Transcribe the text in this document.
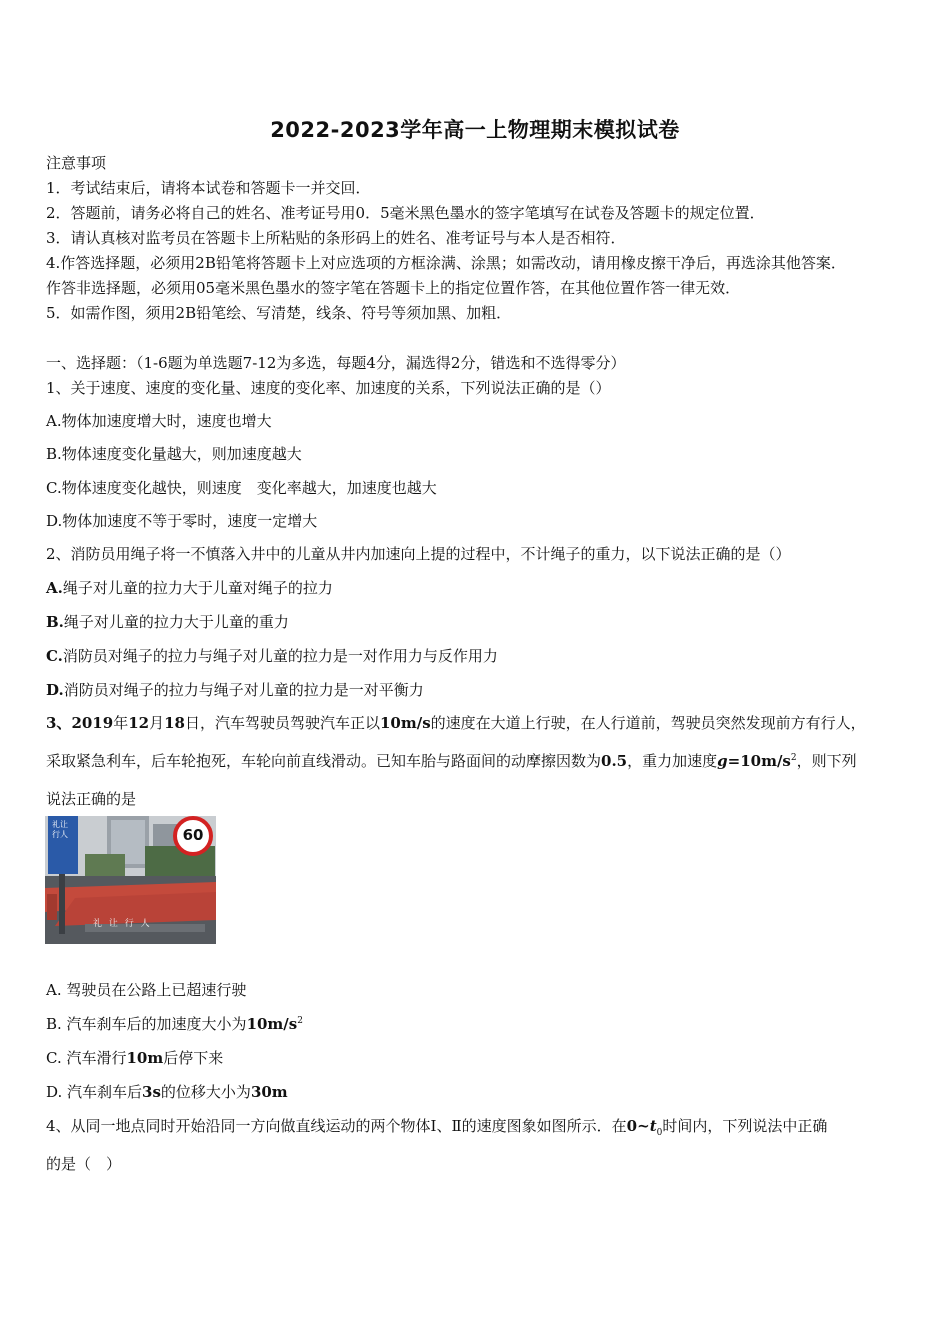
2022-2023学年高一上物理期末模拟试卷
注意事项
1．考试结束后，请将本试卷和答题卡一并交回．
2．答题前，请务必将自己的姓名、准考证号用0．5毫米黑色墨水的签字笔填写在试卷及答题卡的规定位置．
3．请认真核对监考员在答题卡上所粘贴的条形码上的姓名、准考证号与本人是否相符．
4.作答选择题，必须用2B铅笔将答题卡上对应选项的方框涂满、涂黑；如需改动，请用橡皮擦干净后，再选涂其他答案．
作答非选择题，必须用05毫米黑色墨水的签字笔在答题卡上的指定位置作答，在其他位置作答一律无效．
5．如需作图，须用2B铅笔绘、写清楚，线条、符号等须加黑、加粗．
一、选择题：（1-6题为单选题7-12为多选，每题4分，漏选得2分，错选和不选得零分）
1、关于速度、速度的变化量、速度的变化率、加速度的关系，下列说法正确的是（）
A.物体加速度增大时，速度也增大
B.物体速度变化量越大，则加速度越大
C.物体速度变化越快，则速度　变化率越大，加速度也越大
D.物体加速度不等于零时，速度一定增大
2、消防员用绳子将一不慎落入井中的儿童从井内加速向上提的过程中，不计绳子的重力，以下说法正确的是（）
A.绳子对儿童的拉力大于儿童对绳子的拉力
B.绳子对儿童的拉力大于儿童的重力
C.消防员对绳子的拉力与绳子对儿童的拉力是一对作用力与反作用力
D.消防员对绳子的拉力与绳子对儿童的拉力是一对平衡力
3、2019年12月18日，汽车驾驶员驾驶汽车正以10m/s的速度在大道上行驶，在人行道前，驾驶员突然发现前方有行人，
采取紧急利车，后车轮抱死，车轮向前直线滑动。已知车胎与路面间的动摩擦因数为0.5，重力加速度$g=10m/s^2$，则下列
说法正确的是
礼让行人	60
礼 让 行 人
A. 驾驶员在公路上已超速行驶
B. 汽车刹车后的加速度大小为$10m/s^2$
C. 汽车滑行10m后停下来
D. 汽车刹车后3s的位移大小为30m
4、从同一地点同时开始沿同一方向做直线运动的两个物体Ⅰ、Ⅱ的速度图象如图所示．在$0\sim t_0$时间内，下列说法中正确
的是（　）
